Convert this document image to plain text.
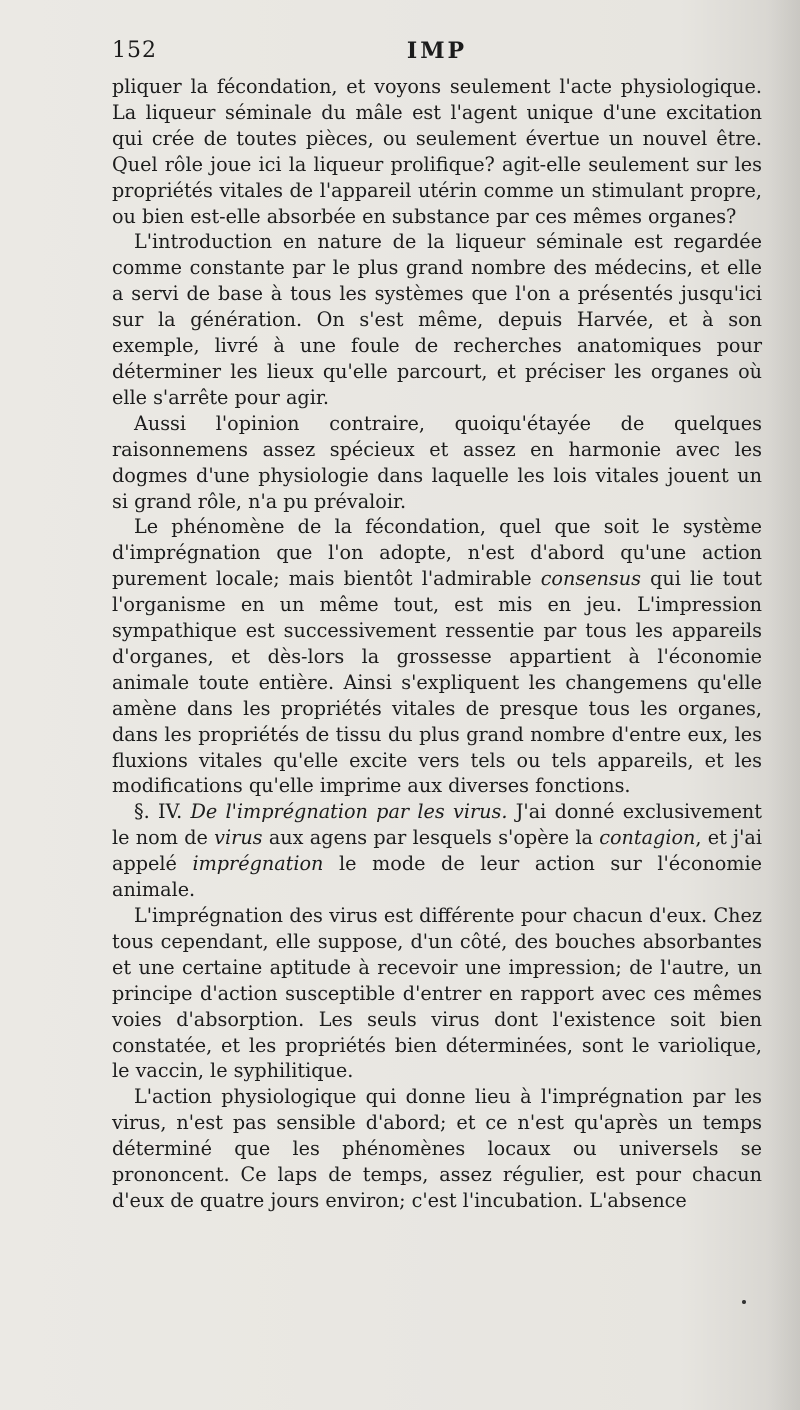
152	IMP

pliquer la fécondation, et voyons seulement l'acte physiologique. La liqueur séminale du mâle est l'agent unique d'une excitation qui crée de toutes pièces, ou seulement évertue un nouvel être. Quel rôle joue ici la liqueur prolifique? agit-elle seulement sur les propriétés vitales de l'appareil utérin comme un stimulant propre, ou bien est-elle absorbée en substance par ces mêmes organes?

L'introduction en nature de la liqueur séminale est regardée comme constante par le plus grand nombre des médecins, et elle a servi de base à tous les systèmes que l'on a présentés jusqu'ici sur la génération. On s'est même, depuis Harvée, et à son exemple, livré à une foule de recherches anatomiques pour déterminer les lieux qu'elle parcourt, et préciser les organes où elle s'arrête pour agir.

Aussi l'opinion contraire, quoiqu'étayée de quelques raisonnemens assez spécieux et assez en harmonie avec les dogmes d'une physiologie dans laquelle les lois vitales jouent un si grand rôle, n'a pu prévaloir.

Le phénomène de la fécondation, quel que soit le système d'imprégnation que l'on adopte, n'est d'abord qu'une action purement locale; mais bientôt l'admirable consensus qui lie tout l'organisme en un même tout, est mis en jeu. L'impression sympathique est successivement ressentie par tous les appareils d'organes, et dès-lors la grossesse appartient à l'économie animale toute entière. Ainsi s'expliquent les changemens qu'elle amène dans les propriétés vitales de presque tous les organes, dans les propriétés de tissu du plus grand nombre d'entre eux, les fluxions vitales qu'elle excite vers tels ou tels appareils, et les modifications qu'elle imprime aux diverses fonctions.

§. IV. De l'imprégnation par les virus. J'ai donné exclusivement le nom de virus aux agens par lesquels s'opère la contagion, et j'ai appelé imprégnation le mode de leur action sur l'économie animale.

L'imprégnation des virus est différente pour chacun d'eux. Chez tous cependant, elle suppose, d'un côté, des bouches absorbantes et une certaine aptitude à recevoir une impression; de l'autre, un principe d'action susceptible d'entrer en rapport avec ces mêmes voies d'absorption. Les seuls virus dont l'existence soit bien constatée, et les propriétés bien déterminées, sont le variolique, le vaccin, le syphilitique.

L'action physiologique qui donne lieu à l'imprégnation par les virus, n'est pas sensible d'abord; et ce n'est qu'après un temps déterminé que les phénomènes locaux ou universels se prononcent. Ce laps de temps, assez régulier, est pour chacun d'eux de quatre jours environ; c'est l'incubation. L'absence
